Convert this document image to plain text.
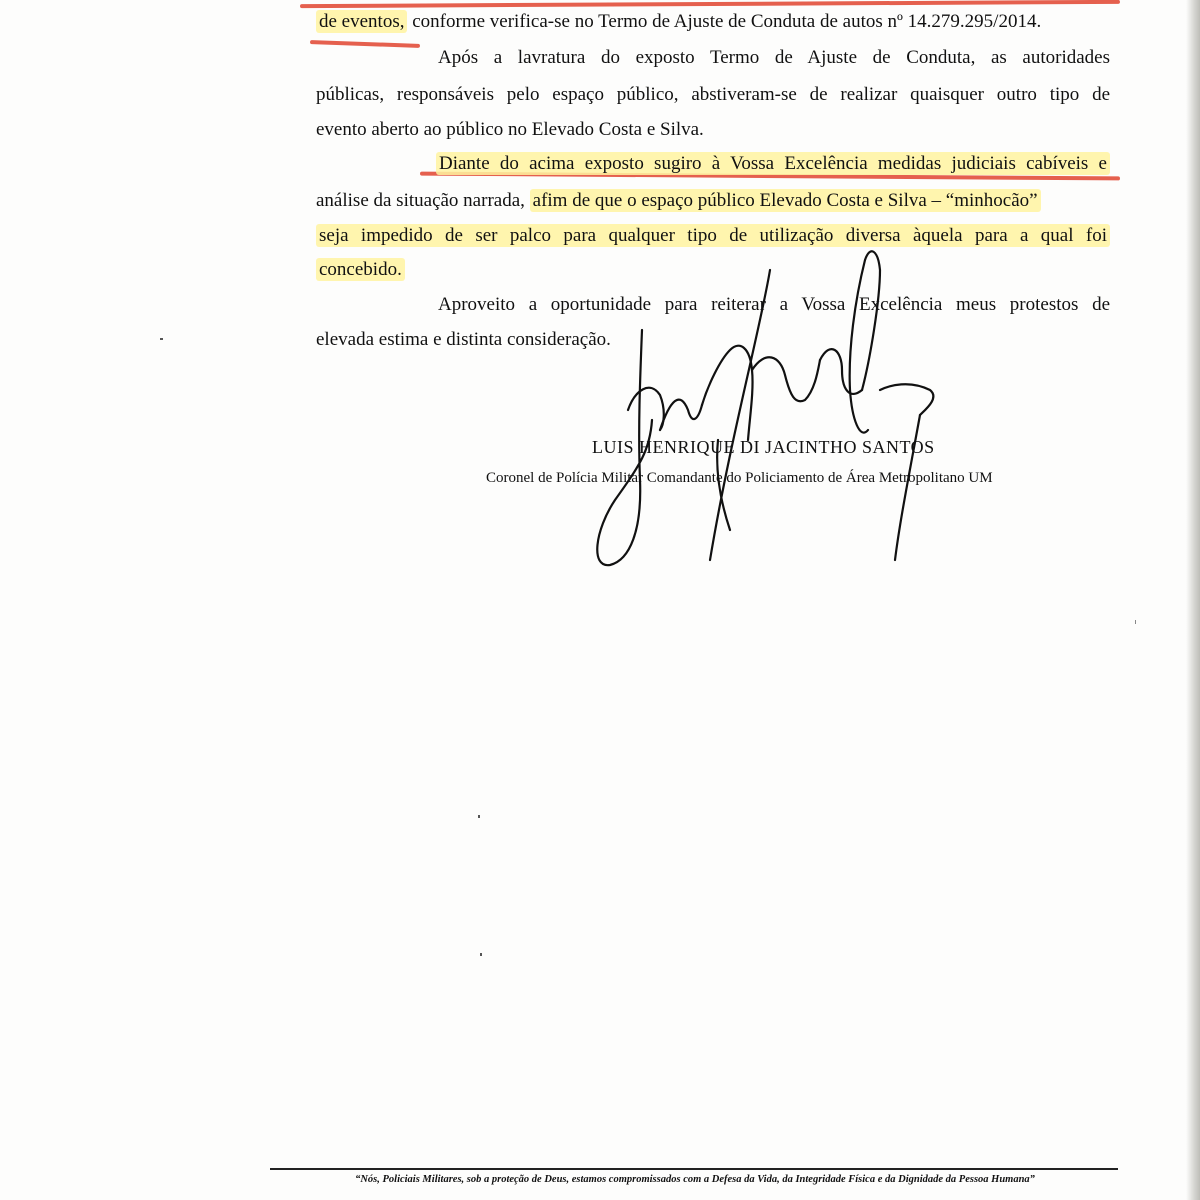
de eventos, conforme verifica-se no Termo de Ajuste de Conduta de autos nº 14.279.295/2014.
Após a lavratura do exposto Termo de Ajuste de Conduta, as autoridades
públicas, responsáveis pelo espaço público, abstiveram-se de realizar quaisquer outro tipo de
evento aberto ao público no Elevado Costa e Silva.
Diante do acima exposto sugiro à Vossa Excelência medidas judiciais cabíveis e
análise da situação narrada, afim de que o espaço público Elevado Costa e Silva – “minhocão”
seja impedido de ser palco para qualquer tipo de utilização diversa àquela para a qual foi
concebido.
Aproveito a oportunidade para reiterar a Vossa Excelência meus protestos de
elevada estima e distinta consideração.
LUIS HENRIQUE DI JACINTHO SANTOS
Coronel de Polícia Militar Comandante do Policiamento de Área Metropolitano UM
“Nós, Policiais Militares, sob a proteção de Deus, estamos compromissados com a Defesa da Vida, da Integridade Física e da Dignidade da Pessoa Humana”
